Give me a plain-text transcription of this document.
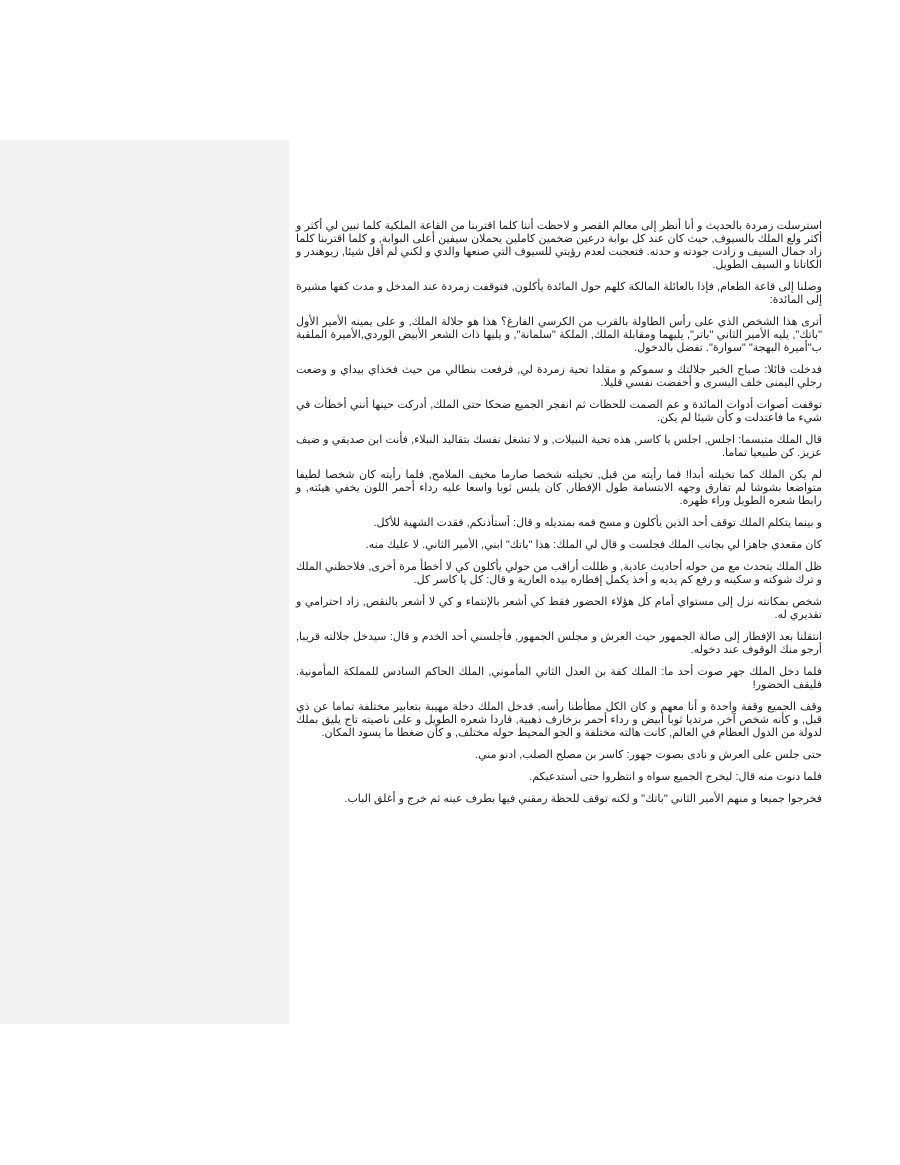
استرسلت زمردة بالحديث و أنا أنظر إلى معالم القصر و لاحظت أننا كلما اقتربنا من القاعة الملكية كلما تبين لي أكثر و أكثر ولع الملك بالسيوف, حيث كان عند كل بوابة درعين ضخمين كاملين يحملان سيفين أعلى البوابة, و كلما اقتربنا كلما زاد جمال السيف و زادت جودته و حدته. فتعجبت لعدم رؤيتي للسيوف التي صنعها والدي و لكني لم أقل شيئا, زيوهندر و الكاتانا و السيف الطويل.

وصلنا إلى قاعة الطعام, فإذا بالعائلة المالكة كلهم حول المائدة يأكلون, فتوقفت زمردة عند المدخل و مدت كفها مشيرة إلى المائدة:

أترى هذا الشخص الذي على رأس الطاولة بالقرب من الكرسي الفارغ؟ هذا هو جلالة الملك, و على يمينه الأمير الأول "باتك", يليه الأمير الثاني "باتر", يليهما ومقابلة الملك, الملكة "سلمانة", و يليها ذات الشعر الأبيض الوردي,الأميرة الملقبة ب"أميرة البهجة" "سوارة". تفضل بالدخول.

فدخلت قائلا: صباح الخير جلالتك و سموكم و مقلدا تحية زمردة لي, فرفعت بنطالي من حيث فخذاي بيداي و وضعت رجلي اليمنى خلف اليسرى و أخفضت نفسي قليلا.

توقفت أصوات أدوات المائدة و عم الصمت للحظات ثم انفجر الجميع ضحكا حتى الملك, أدركت حينها أنني أخطأت في شيء ما فاعتدلت و كأن شيئا لم يكن.

قال الملك متبسما: اجلس, اجلس يا كاسر, هذه تحية النبيلات, و لا تشغل نفسك بتقاليد النبلاء, فأنت ابن صديقي و ضيف عزيز. كن طبيعيا تماما.

لم يكن الملك كما تخيلته أبدا! فما رأيته من قبل, تخيلته شخصا صارما مخيف الملامح, فلما رأيته كان شخصا لطيفا متواضعا بشوشا لم تفارق وجهه الابتسامة طول الإفطار, كان يلبس ثوبا واسعا عليه رداء أحمر اللون يخفي هيئته, و رابطا شعره الطويل وراء ظهره.

و بينما يتكلم الملك توقف أحد الذين يأكلون و مسح فمه بمنديله و قال: أستأذنكم, فقدت الشهية للأكل.

كان مقعدي جاهزا لي بجانب الملك فجلست و قال لي الملك: هذا "باتك" ابني, الأمير الثاني. لا عليك منه.

ظل الملك يتحدث مع من حوله أحاديث عادية, و ظللت أراقب من حولي يأكلون كي لا أخطأ مرة أخرى, فلاحظني الملك و ترك شوكته و سكينه و رفع كم يديه و أخذ يكمل إفطاره بيده العارية و قال: كل يا كاسر كل.

شخص بمكانته نزل إلى مستواي أمام كل هؤلاء الحضور فقط كي أشعر بالإنتماء و كي لا أشعر بالنقص, زاد احترامي و تقديري له.

انتقلنا بعد الإفطار إلى صالة الجمهور حيث العرش و مجلس الجمهور, فأجلسني أحد الخدم و قال: سيدخل جلالته قريبا, أرجو منك الوقوف عند دخوله.

فلما دخل الملك جهر صوت أحد ما: الملك كفة بن العدل الثاني المأموني, الملك الحاكم السادس للمملكة المأمونية. فليقف الحضور!

وقف الجميع وقفة واحدة و أنا معهم و كان الكل مطأطنا رأسه, فدخل الملك دخلة مهيبة بتعابير مختلفة تماما عن ذي قبل, و كأنه شخص آخر, مرتديا ثوبا أبيض و رداء أحمر بزخارف ذهبية, فاردا شعره الطويل و على ناصيته تاج يليق بملك لدولة من الدول العظام في العالم, كانت هالته مختلفة و الجو المحيط حوله مختلف, و كأن ضغطا ما يسود المكان.

حتى جلس على العرش و نادى بصوت جهور: كاسر بن مصلح الصلب, ادنو مني.

فلما دنوت منه قال: ليخرج الجميع سواه و انتظروا حتى أستدعيكم.

فخرجوا جميعا و منهم الأمير الثاني "باتك" و لكنه توقف للحظة رمقني فيها بطرف عينه ثم خرج و أغلق الباب.
